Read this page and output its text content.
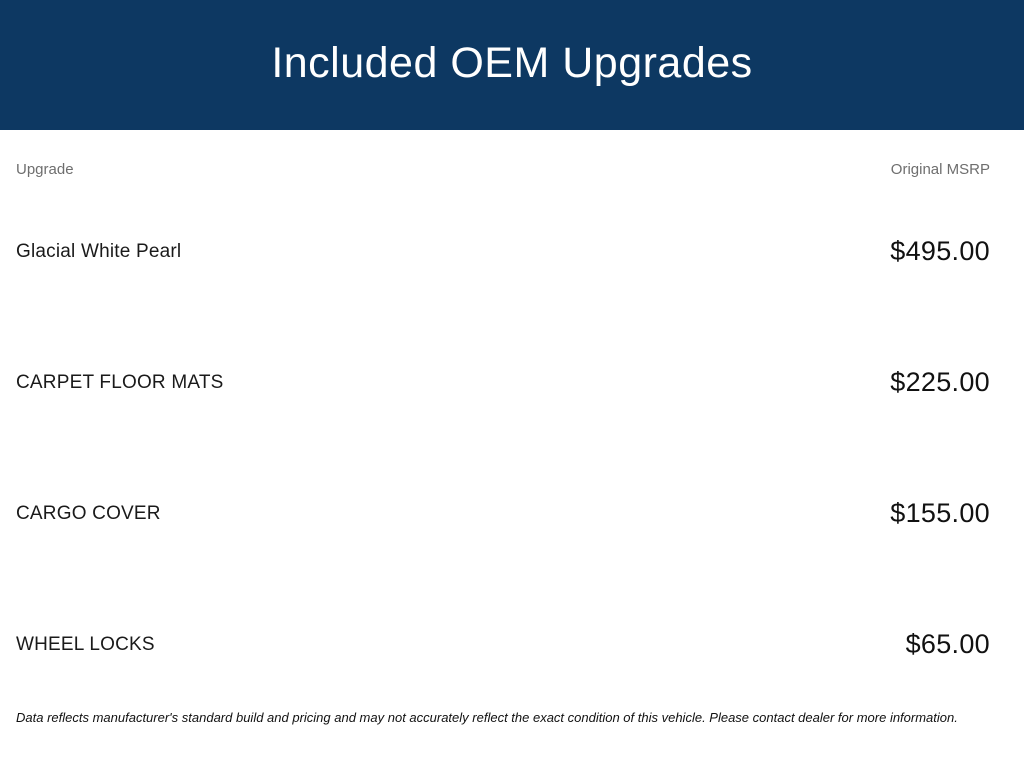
Included OEM Upgrades
Upgrade	Original MSRP
Glacial White Pearl	$495.00
CARPET FLOOR MATS	$225.00
CARGO COVER	$155.00
WHEEL LOCKS	$65.00

Data reflects manufacturer's standard build and pricing and may not accurately reflect the exact condition of this vehicle. Please contact dealer for more information.
